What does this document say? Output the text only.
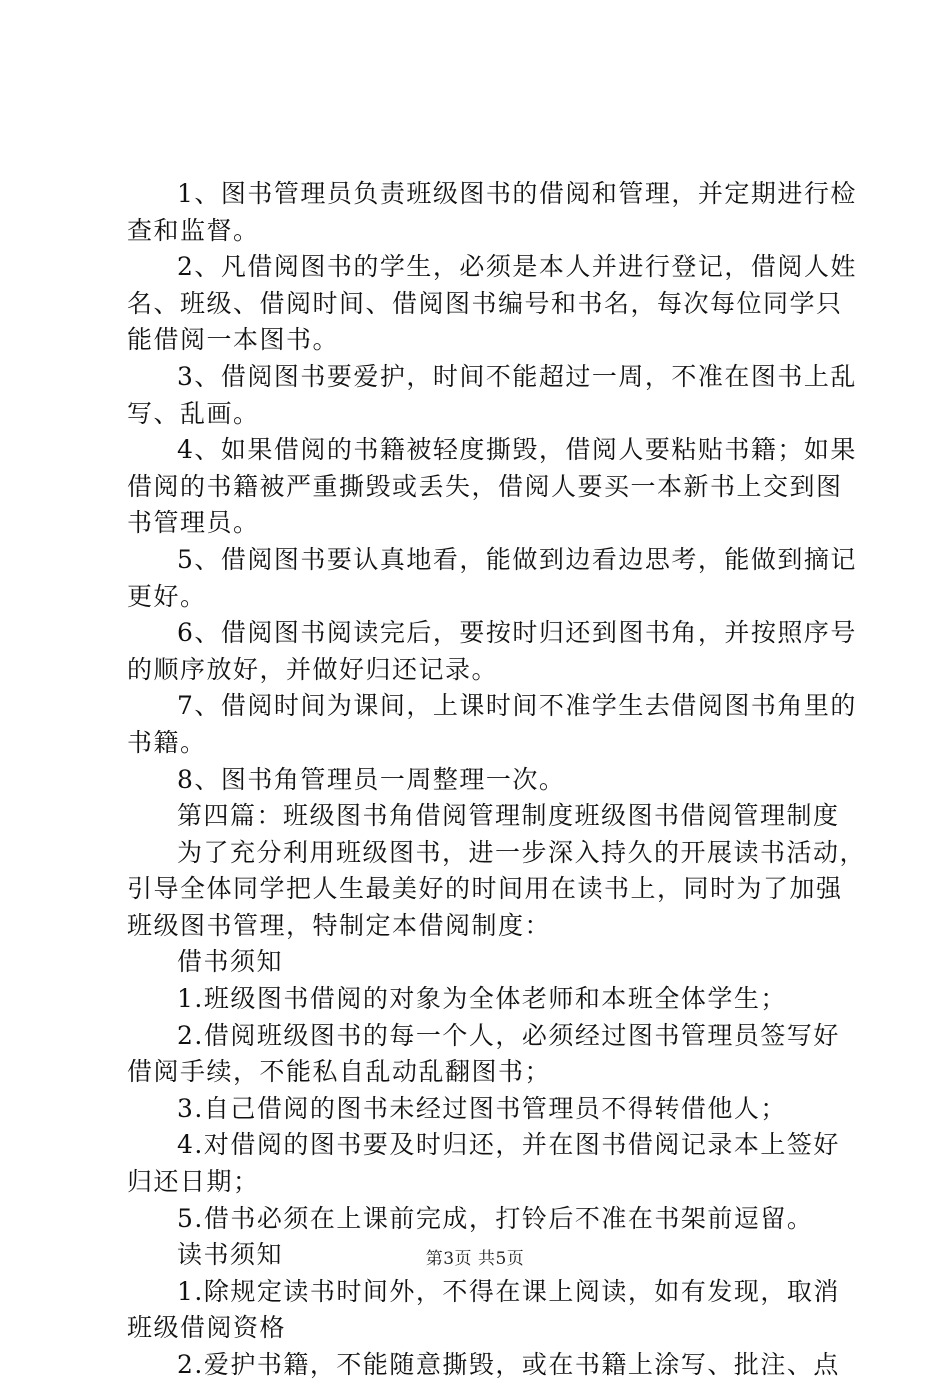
1、图书管理员负责班级图书的借阅和管理，并定期进行检

查和监督。

2、凡借阅图书的学生，必须是本人并进行登记，借阅人姓

名、班级、借阅时间、借阅图书编号和书名，每次每位同学只

能借阅一本图书。

3、借阅图书要爱护，时间不能超过一周，不准在图书上乱

写、乱画。

4、如果借阅的书籍被轻度撕毁，借阅人要粘贴书籍；如果

借阅的书籍被严重撕毁或丢失，借阅人要买一本新书上交到图

书管理员。

5、借阅图书要认真地看，能做到边看边思考，能做到摘记

更好。

6、借阅图书阅读完后，要按时归还到图书角，并按照序号

的顺序放好，并做好归还记录。

7、借阅时间为课间，上课时间不准学生去借阅图书角里的

书籍。

8、图书角管理员一周整理一次。

第四篇：班级图书角借阅管理制度班级图书借阅管理制度

为了充分利用班级图书，进一步深入持久的开展读书活动，

引导全体同学把人生最美好的时间用在读书上，同时为了加强

班级图书管理，特制定本借阅制度：

借书须知

1.班级图书借阅的对象为全体老师和本班全体学生；

2.借阅班级图书的每一个人，必须经过图书管理员签写好

借阅手续，不能私自乱动乱翻图书；

3.自己借阅的图书未经过图书管理员不得转借他人；

4.对借阅的图书要及时归还，并在图书借阅记录本上签好

归还日期；

5.借书必须在上课前完成，打铃后不准在书架前逗留。

读书须知

1.除规定读书时间外，不得在课上阅读，如有发现，取消

班级借阅资格

2.爱护书籍，不能随意撕毁，或在书籍上涂写、批注、点

第3页 共5页
